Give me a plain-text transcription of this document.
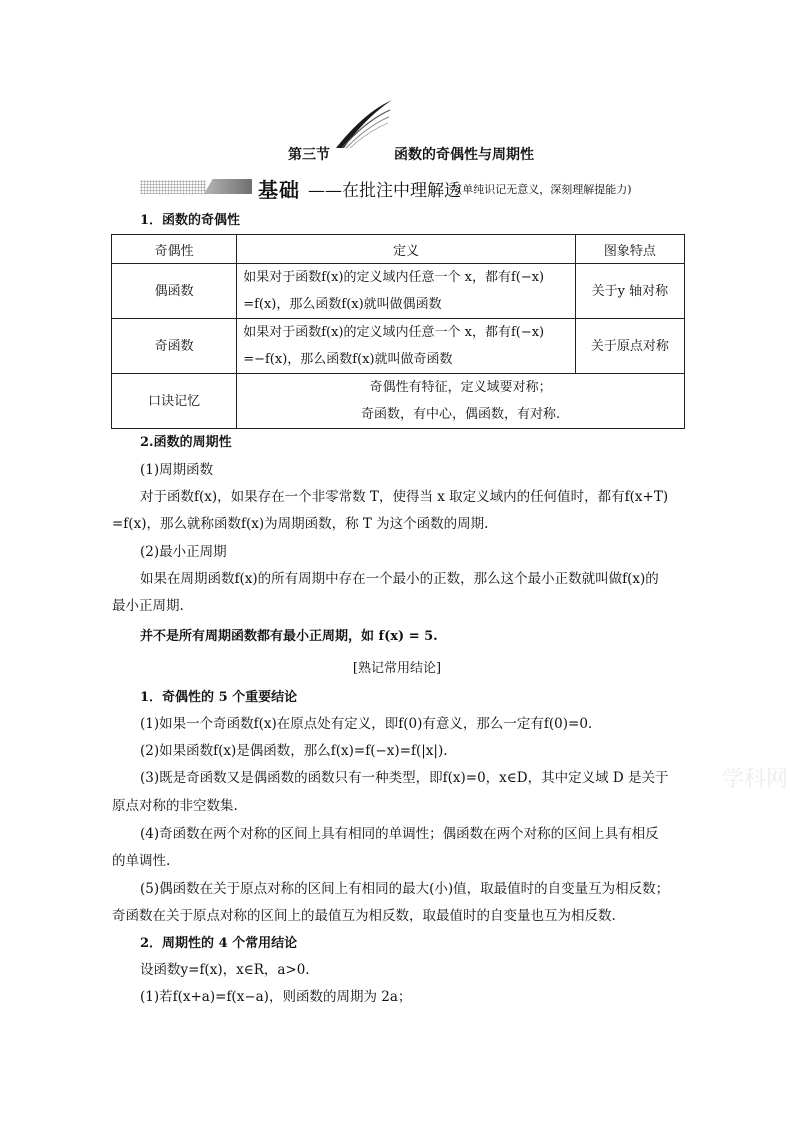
第三节	函数的奇偶性与周期性
基础 ——在批注中理解透
(单纯识记无意义，深刻理解提能力)
1．函数的奇偶性
奇偶性	定义	图象特点
偶函数	如果对于函数f(x)的定义域内任意一个 x，都有f(−x)
=f(x)，那么函数f(x)就叫做偶函数	关于y 轴对称
奇函数	如果对于函数f(x)的定义域内任意一个 x，都有f(−x)
=−f(x)，那么函数f(x)就叫做奇函数	关于原点对称
口诀记忆	奇偶性有特征，定义域要对称；
奇函数，有中心，偶函数，有对称.	
2.函数的周期性
(1)周期函数
对于函数f(x)，如果存在一个非零常数 T，使得当 x 取定义域内的任何值时，都有f(x+T)
=f(x)，那么就称函数f(x)为周期函数，称 T 为这个函数的周期.
(2)最小正周期
如果在周期函数f(x)的所有周期中存在一个最小的正数，那么这个最小正数就叫做f(x)的
最小正周期.
并不是所有周期函数都有最小正周期，如 f(x) = 5.
[熟记常用结论]
1．奇偶性的 5 个重要结论
(1)如果一个奇函数f(x)在原点处有定义，即f(0)有意义，那么一定有f(0)=0.
(2)如果函数f(x)是偶函数，那么f(x)=f(−x)=f(|x|).
(3)既是奇函数又是偶函数的函数只有一种类型，即f(x)=0，x∈D，其中定义域 D 是关于
原点对称的非空数集.
(4)奇函数在两个对称的区间上具有相同的单调性；偶函数在两个对称的区间上具有相反
的单调性.
(5)偶函数在关于原点对称的区间上有相同的最大(小)值，取最值时的自变量互为相反数；
奇函数在关于原点对称的区间上的最值互为相反数，取最值时的自变量也互为相反数.
2．周期性的 4 个常用结论
设函数y=f(x)，x∈R，a>0.
(1)若f(x+a)=f(x−a)，则函数的周期为 2a；
学科网
